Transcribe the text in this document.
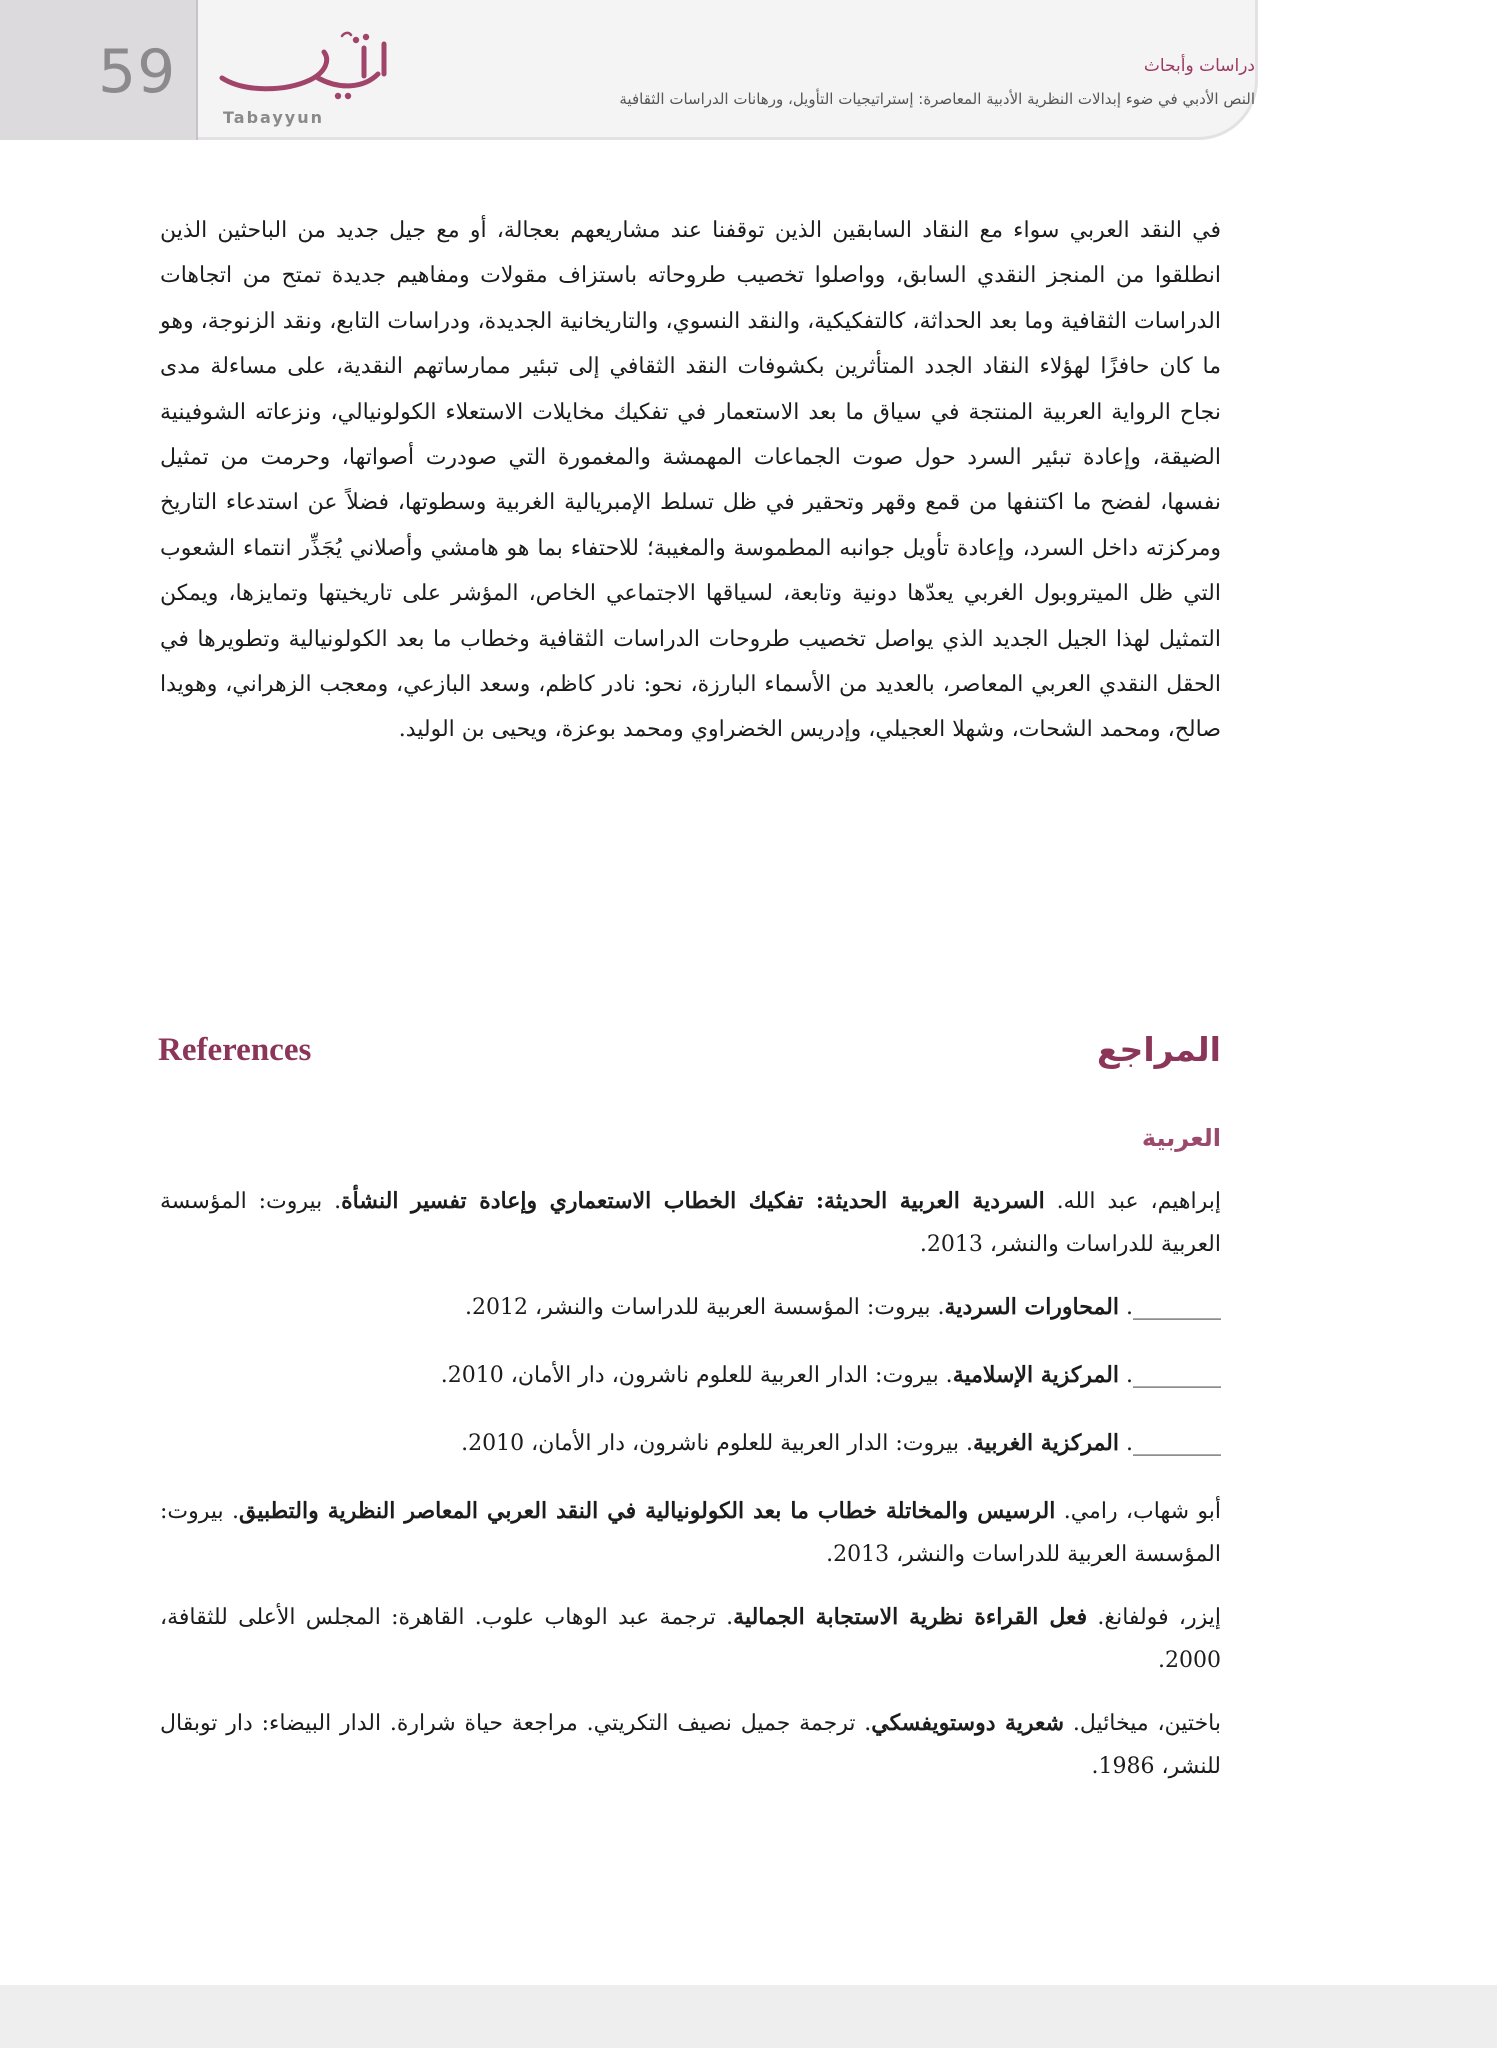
59
Tabayyun
دراسات وأبحاث
النص الأدبي في ضوء إبدالات النظرية الأدبية المعاصرة: إستراتيجيات التأويل، ورهانات الدراسات الثقافية

في النقد العربي سواء مع النقاد السابقين الذين توقفنا عند مشاريعهم بعجالة، أو مع جيل جديد من الباحثين الذين انطلقوا من المنجز النقدي السابق، وواصلوا تخصيب طروحاته باستزاف مقولات ومفاهيم جديدة تمتح من اتجاهات الدراسات الثقافية وما بعد الحداثة، كالتفكيكية، والنقد النسوي، والتاريخانية الجديدة، ودراسات التابع، ونقد الزنوجة، وهو ما كان حافزًا لهؤلاء النقاد الجدد المتأثرين بكشوفات النقد الثقافي إلى تبئير ممارساتهم النقدية، على مساءلة مدى نجاح الرواية العربية المنتجة في سياق ما بعد الاستعمار في تفكيك مخايلات الاستعلاء الكولونيالي، ونزعاته الشوفينية الضيقة، وإعادة تبئير السرد حول صوت الجماعات المهمشة والمغمورة التي صودرت أصواتها، وحرمت من تمثيل نفسها، لفضح ما اكتنفها من قمع وقهر وتحقير في ظل تسلط الإمبريالية الغربية وسطوتها، فضلاً عن استدعاء التاريخ ومركزته داخل السرد، وإعادة تأويل جوانبه المطموسة والمغيبة؛ للاحتفاء بما هو هامشي وأصلاني يُجَذِّر انتماء الشعوب التي ظل الميتروبول الغربي يعدّها دونية وتابعة، لسياقها الاجتماعي الخاص، المؤشر على تاريخيتها وتمايزها، ويمكن التمثيل لهذا الجيل الجديد الذي يواصل تخصيب طروحات الدراسات الثقافية وخطاب ما بعد الكولونيالية وتطويرها في الحقل النقدي العربي المعاصر، بالعديد من الأسماء البارزة، نحو: نادر كاظم، وسعد البازعي، ومعجب الزهراني، وهويدا صالح، ومحمد الشحات، وشهلا العجيلي، وإدريس الخضراوي ومحمد بوعزة، ويحيى بن الوليد.

References	المراجع
العربية

إبراهيم، عبد الله. السردية العربية الحديثة: تفكيك الخطاب الاستعماري وإعادة تفسير النشأة. بيروت: المؤسسة العربية للدراسات والنشر، 2013.

________. المحاورات السردية. بيروت: المؤسسة العربية للدراسات والنشر، 2012.

________. المركزية الإسلامية. بيروت: الدار العربية للعلوم ناشرون، دار الأمان، 2010.

________. المركزية الغربية. بيروت: الدار العربية للعلوم ناشرون، دار الأمان، 2010.

أبو شهاب، رامي. الرسيس والمخاتلة خطاب ما بعد الكولونيالية في النقد العربي المعاصر النظرية والتطبيق. بيروت: المؤسسة العربية للدراسات والنشر، 2013.

إيزر، فولفانغ. فعل القراءة نظرية الاستجابة الجمالية. ترجمة عبد الوهاب علوب. القاهرة: المجلس الأعلى للثقافة، 2000.

باختين، ميخائيل. شعرية دوستويفسكي. ترجمة جميل نصيف التكريتي. مراجعة حياة شرارة. الدار البيضاء: دار توبقال للنشر، 1986.
